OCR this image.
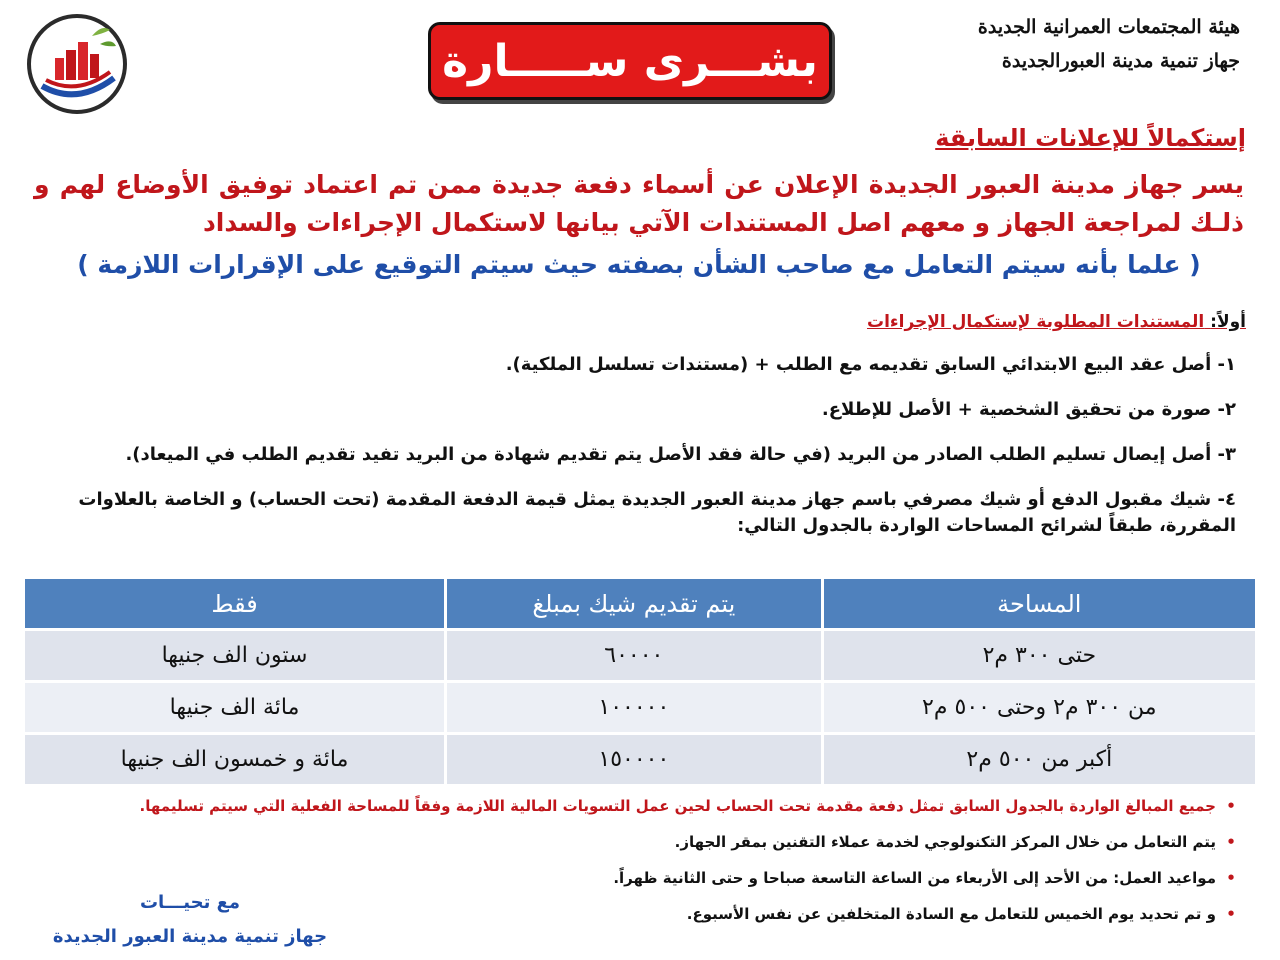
هيئة المجتمعات العمرانية الجديدة
جهاز تنمية مدينة العبورالجديدة
بشـــرى ســـــارة
إستكمالاً للإعلانات السابقة
يسر جهاز مدينة العبور الجديدة الإعلان عن أسماء دفعة جديدة ممن تم اعتماد توفيق الأوضاع لهم و ذلـك لمراجعة الجهاز و معهم اصل المستندات الآتي بيانها لاستكمال الإجراءات والسداد
( علما بأنه سيتم التعامل مع صاحب الشأن بصفته حيث سيتم التوقيع على الإقرارات اللازمة )
أولاً: المستندات المطلوبة لإستكمال الإجراءات
١- أصل عقد البيع الابتدائي السابق تقديمه مع الطلب + (مستندات تسلسل الملكية).
٢- صورة من تحقيق الشخصية + الأصل للإطلاع.
٣- أصل إيصال تسليم الطلب الصادر من البريد (في حالة فقد الأصل يتم تقديم شهادة من البريد تفيد تقديم الطلب في الميعاد).
٤- شيك مقبول الدفع أو شيك مصرفي باسم جهاز مدينة العبور الجديدة يمثل قيمة الدفعة المقدمة (تحت الحساب) و الخاصة بالعلاوات المقررة، طبقاً لشرائح المساحات الواردة بالجدول التالي:
المساحة	يتم تقديم شيك بمبلغ	فقط
حتى ٣٠٠ م٢	٦٠٠٠٠	ستون الف جنيها
من ٣٠٠ م٢ وحتى ٥٠٠ م٢	١٠٠٠٠٠	مائة الف جنيها
أكبر من ٥٠٠ م٢	١٥٠٠٠٠	مائة و خمسون الف جنيها
•
جميع المبالغ الواردة بالجدول السابق تمثل دفعة مقدمة تحت الحساب لحين عمل التسويات المالية اللازمة وفقاً للمساحة الفعلية التي سيتم تسليمها.
•
يتم التعامل من خلال المركز التكنولوجي لخدمة عملاء التقنين بمقر الجهاز.
•
مواعيد العمل: من الأحد إلى الأربعاء من الساعة التاسعة صباحا و حتى الثانية ظهراً.
•
و تم تحديد يوم الخميس للتعامل مع السادة المتخلفين عن نفس الأسبوع.
مع تحيـــات
جهاز تنمية مدينة العبور الجديدة
